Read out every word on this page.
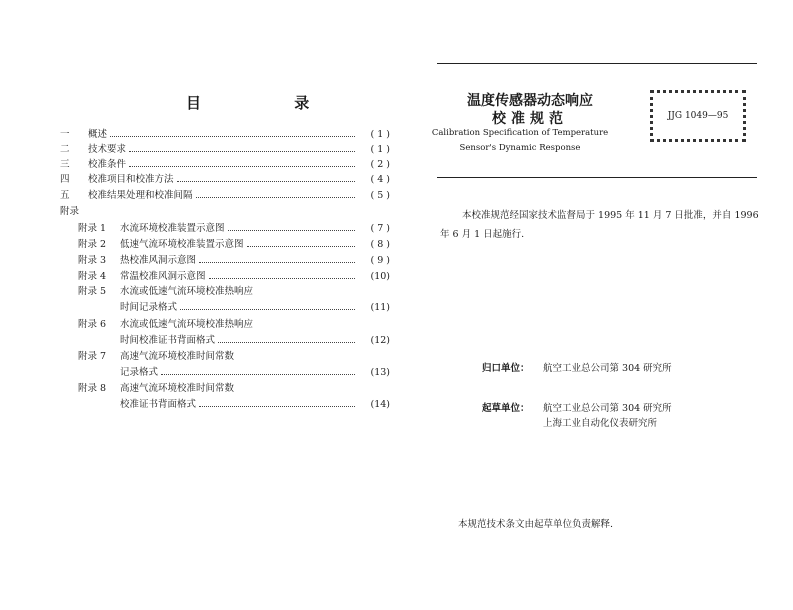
目 录
一	概述	( 1 )
二	技术要求	( 1 )
三	校准条件	( 2 )
四	校准项目和校准方法	( 4 )
五	校准结果处理和校准间隔	( 5 )
附录
附录 1	水流环境校准装置示意图	( 7 )
附录 2	低速气流环境校准装置示意图	( 8 )
附录 3	热校准风洞示意图	( 9 )
附录 4	常温校准风洞示意图	(10)
附录 5	水流或低速气流环境校准热响应
时间记录格式	(11)
附录 6	水流或低速气流环境校准热响应
时间校准证书背面格式	(12)
附录 7	高速气流环境校准时间常数
记录格式	(13)
附录 8	高速气流环境校准时间常数
校准证书背面格式	(14)
温度传感器动态响应
校准规范
Calibration Specification of Temperature
Sensor's Dynamic Response
JJG 1049—95
本校准规范经国家技术监督局于 1995 年 11 月 7 日批准，并自 1996 年 6 月 1 日起施行.
归口单位： 航空工业总公司第 304 研究所
起草单位： 航空工业总公司第 304 研究所
上海工业自动化仪表研究所
本规范技术条文由起草单位负责解释.
